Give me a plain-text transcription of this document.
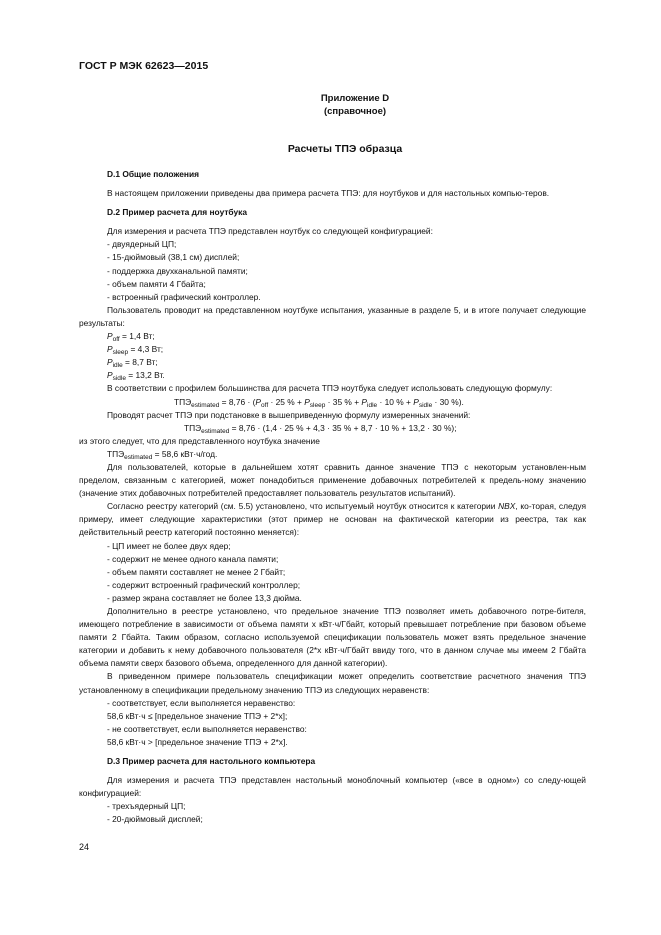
ГОСТ Р МЭК 62623—2015
Приложение D
(справочное)
Расчеты ТПЭ образца

D.1 Общие положения

В настоящем приложении приведены два примера расчета ТПЭ: для ноутбуков и для настольных компью-теров.

D.2 Пример расчета для ноутбука

Для измерения и расчета ТПЭ представлен ноутбук со следующей конфигурацией:

- двуядерный ЦП;

- 15-дюймовый (38,1 см) дисплей;

- поддержка двухканальной памяти;

- объем памяти 4 Гбайта;

- встроенный графический контроллер.

Пользователь проводит на представленном ноутбуке испытания, указанные в разделе 5, и в итоге получает следующие результаты:

$P_{off} = 1,4$ Вт;

$P_{sleep} = 4,3$ Вт;

$P_{idle} = 8,7$ Вт;

$P_{sidle} = 13,2$ Вт.

В соответствии с профилем большинства для расчета ТПЭ ноутбука следует использовать следующую формулу:

$ТПЭ_{estimated} = 8,76 \cdot (P_{off} \cdot 25$ % + $P_{sleep} \cdot 35$ % + $P_{idle} \cdot 10$ % + $P_{sidle} \cdot 30$ %).

Проводят расчет ТПЭ при подстановке в вышеприведенную формулу измеренных значений:

$ТПЭ_{estimated} = 8,76 \cdot (1,4 \cdot 25$ % + 4,3 · 35 % + 8,7 · 10 % + 13,2 · 30 %);

из этого следует, что для представленного ноутбука значение

$ТПЭ_{estimated} = 58,6$ кВт·ч/год.

Для пользователей, которые в дальнейшем хотят сравнить данное значение ТПЭ с некоторым установлен-ным пределом, связанным с категорией, может понадобиться применение добавочных потребителей к предель-ному значению (значение этих добавочных потребителей предоставляет пользователь результатов испытаний).

Согласно реестру категорий (см. 5.5) установлено, что испытуемый ноутбук относится к категории NBX, ко-торая, следуя примеру, имеет следующие характеристики (этот пример не основан на фактической категории из реестра, так как действительный реестр категорий постоянно меняется):

- ЦП имеет не более двух ядер;

- содержит не менее одного канала памяти;

- объем памяти составляет не менее 2 Гбайт;

- содержит встроенный графический контроллер;

- размер экрана составляет не более 13,3 дюйма.

Дополнительно в реестре установлено, что предельное значение ТПЭ позволяет иметь добавочного потре-бителя, имеющего потребление в зависимости от объема памяти x кВт·ч/Гбайт, который превышает потребление при базовом объеме памяти 2 Гбайта. Таким образом, согласно используемой спецификации пользователь может взять предельное значение категории и добавить к нему добавочного пользователя (2*x кВт·ч/Гбайт ввиду того, что в данном случае мы имеем 2 Гбайта объема памяти сверх базового объема, определенного для данной категории).

В приведенном примере пользователь спецификации может определить соответствие расчетного значения ТПЭ установленному в спецификации предельному значению ТПЭ из следующих неравенств:

- соответствует, если выполняется неравенство:

58,6 кВт·ч ≤ [предельное значение ТПЭ + 2*x];

- не соответствует, если выполняется неравенство:

58,6 кВт·ч > [предельное значение ТПЭ + 2*x].

D.3 Пример расчета для настольного компьютера

Для измерения и расчета ТПЭ представлен настольный моноблочный компьютер («все в одном») со следу-ющей конфигурацией:

- трехъядерный ЦП;

- 20-дюймовый дисплей;

24
